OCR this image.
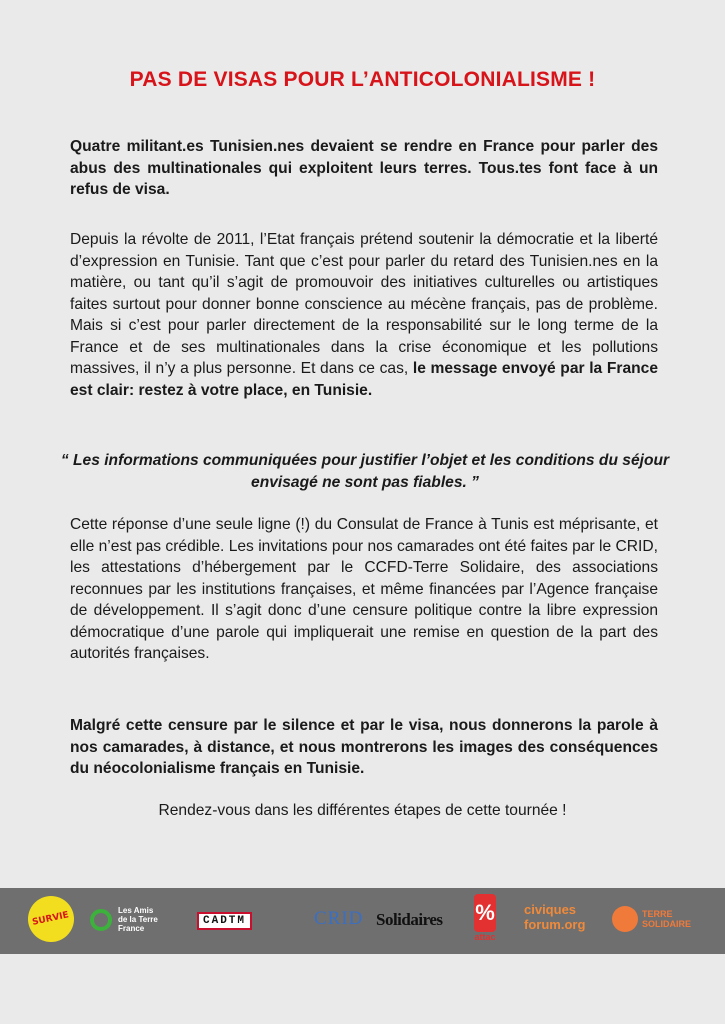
PAS DE VISAS POUR L’ANTICOLONIALISME !

Quatre militant.es Tunisien.nes devaient se rendre en France pour parler des abus des multinationales qui exploitent leurs terres. Tous.tes font face à un refus de visa.

Depuis la révolte de 2011, l’Etat français prétend soutenir la démocratie et la liberté d’expression en Tunisie. Tant que c’est pour parler du retard des Tunisien.nes en la matière, ou tant qu’il s’agit de promouvoir des initiatives culturelles ou artistiques faites surtout pour donner bonne conscience au mécène français, pas de problème. Mais si c’est pour parler directement de la responsabilité sur le long terme de la France et de ses multinationales dans la crise économique et les pollutions massives, il n’y a plus personne. Et dans ce cas, le message envoyé par la France est clair: restez à votre place, en Tunisie.

“ Les informations communiquées pour justifier l’objet et les conditions du séjour envisagé ne sont pas fiables. ”

Cette réponse d’une seule ligne (!) du Consulat de France à Tunis est méprisante, et elle n’est pas crédible. Les invitations pour nos camarades ont été faites par le CRID, les attestations d’hébergement par le CCFD-Terre Solidaire, des associations reconnues par les institutions françaises, et même financées par l’Agence française de développement. Il s’agit donc d’une censure politique contre la libre expression démocratique d’une parole qui impliquerait une remise en question de la part des autorités françaises.

Malgré cette censure par le silence et par le visa, nous donnerons la parole à nos camarades, à distance, et nous montrerons les images des conséquences du néocolonialisme français en Tunisie.

Rendez-vous dans les différentes étapes de cette tournée !

SURVIE	Les Amis
de la Terre
France
CADTM	CRID Solidaires %
attac
civiques
forum.org
TERRE
SOLIDAIRE
